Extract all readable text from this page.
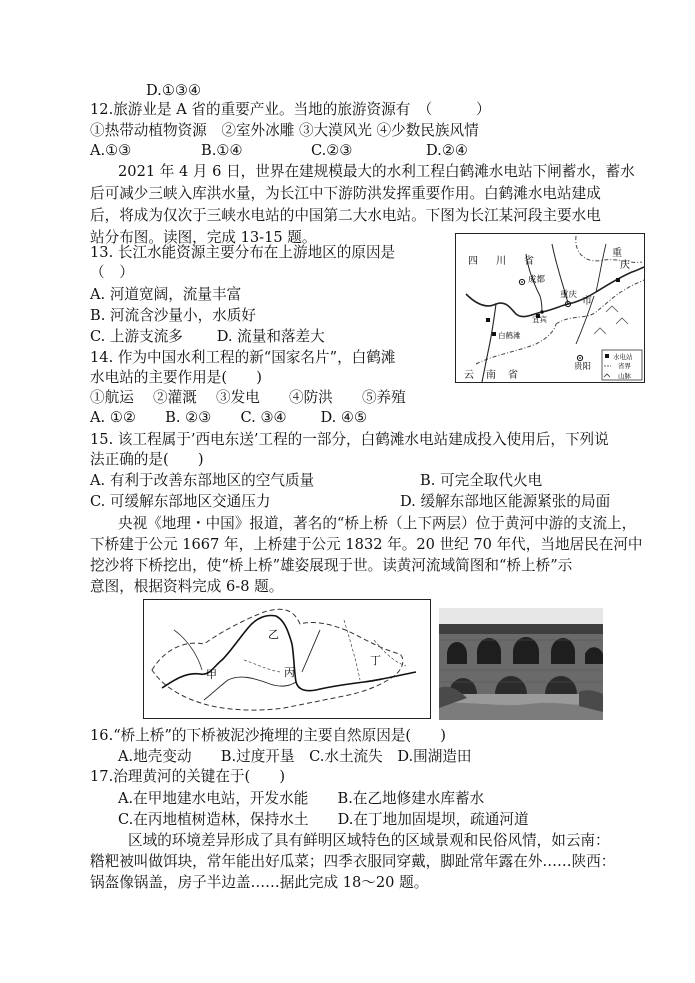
D.①③④
12.旅游业是 A 省的重要产业。当地的旅游资源有　（　　　）
①热带动植物资源　②室外冰雕 ③大漠风光 ④少数民族风情
A.①③	B.①④	C.②③	D.②④
2021 年 4 月 6 日，世界在建规模最大的水利工程白鹤滩水电站下闸蓄水，蓄水
后可减少三峡入库洪水量，为长江中下游防洪发挥重要作用。白鹤滩水电站建成
后，将成为仅次于三峡水电站的中国第二大水电站。下图为长江某河段主要水电
站分布图。读图，完成 13-15 题。
13. 长江水能资源主要分布在上游地区的原因是
（　）
A. 河道宽阔，流量丰富
B. 河流含沙量小，水质好
C. 上游支流多　　 D. 流量和落差大
14. 作为中国水利工程的新“国家名片”，白鹤滩
水电站的主要作用是(　　)
①航运　 ②灌溉　 ③发电　　④防洪　　⑤养殖
A. ①②　　B. ②③　　C. ③④　　 D. ④⑤
15. 该工程属于’西电东送’工程的一部分，白鹤滩水电站建成投入使用后，下列说
法正确的是(　　)
A. 有利于改善东部地区的空气质量	B. 可完全取代火电
C. 可缓解东部地区交通压力	D. 缓解东部地区能源紧张的局面
央视《地理・中国》报道，著名的“桥上桥（上下两层）位于黄河中游的支流上，
下桥建于公元 1667 年，上桥建于公元 1832 年。20 世纪 70 年代，当地居民在河中
挖沙将下桥挖出，使“桥上桥”雄姿展现于世。读黄河流域简图和“桥上桥”示
意图，根据资料完成 6-8 题。
16.“桥上桥”的下桥被泥沙掩埋的主要自然原因是(　　)
A.地壳变动　　B.过度开垦　C.水土流失　D.围湖造田
17.治理黄河的关键在于(　　)
A.在甲地建水电站，开发水能　　B.在乙地修建水库蓄水
C.在丙地植树造林，保持水土　　D.在丁地加固堤坝，疏通河道
区域的环境差异形成了具有鲜明区域特色的区域景观和民俗风情，如云南：
糌粑被叫做饵块，常年能出好瓜菜；四季衣服同穿戴，脚趾常年露在外……陕西：
锅盔像锅盖，房子半边盖……据此完成 18～20 题。
四 川 省
成都
重庆
重
庆
市
宜宾
白鹤滩
贵阳
云 南 省
水电站
省界
山脉
乙
甲	丙
丁
